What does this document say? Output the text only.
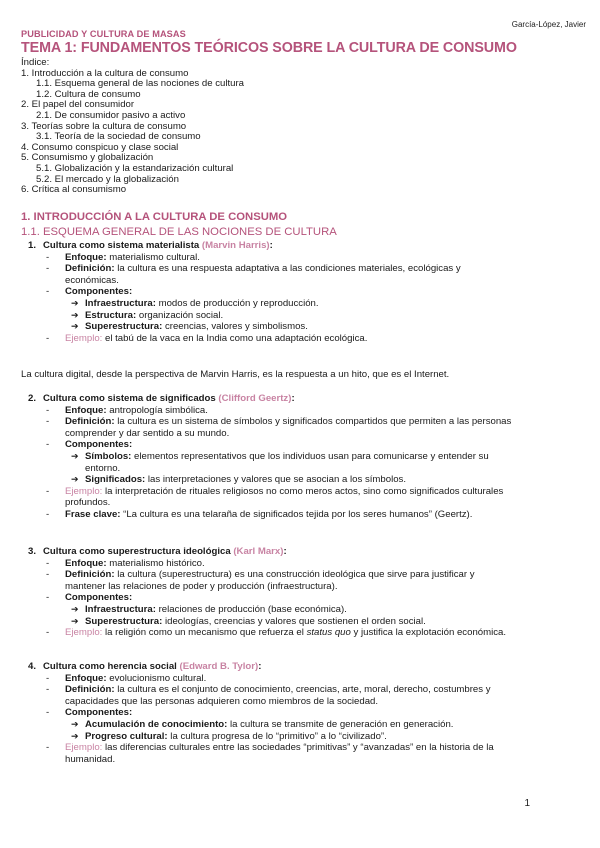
García-López, Javier
PUBLICIDAD Y CULTURA DE MASAS
TEMA 1: FUNDAMENTOS TEÓRICOS SOBRE LA CULTURA DE CONSUMO
Índice:
1. Introducción a la cultura de consumo
1.1. Esquema general de las nociones de cultura
1.2. Cultura de consumo
2. El papel del consumidor
2.1. De consumidor pasivo a activo
3. Teorías sobre la cultura de consumo
3.1. Teoría de la sociedad de consumo
4. Consumo conspicuo y clase social
5. Consumismo y globalización
5.1. Globalización y la estandarización cultural
5.2. El mercado y la globalización
6. Crítica al consumismo
1. INTRODUCCIÓN A LA CULTURA DE CONSUMO
1.1. ESQUEMA GENERAL DE LAS NOCIONES DE CULTURA
1. Cultura como sistema materialista (Marvin Harris):
- Enfoque: materialismo cultural.
- Definición: la cultura es una respuesta adaptativa a las condiciones materiales, ecológicas y
económicas.
- Componentes:
➔ Infraestructura: modos de producción y reproducción.
➔ Estructura: organización social.
➔ Superestructura: creencias, valores y simbolismos.
- Ejemplo: el tabú de la vaca en la India como una adaptación ecológica.
La cultura digital, desde la perspectiva de Marvin Harris, es la respuesta a un hito, que es el Internet.
2. Cultura como sistema de significados (Clifford Geertz):
- Enfoque: antropología simbólica.
- Definición: la cultura es un sistema de símbolos y significados compartidos que permiten a las personas
comprender y dar sentido a su mundo.
- Componentes:
➔ Símbolos: elementos representativos que los individuos usan para comunicarse y entender su
entorno.
➔ Significados: las interpretaciones y valores que se asocian a los símbolos.
- Ejemplo: la interpretación de rituales religiosos no como meros actos, sino como significados culturales
profundos.
- Frase clave: “La cultura es una telaraña de significados tejida por los seres humanos” (Geertz).
3. Cultura como superestructura ideológica (Karl Marx):
- Enfoque: materialismo histórico.
- Definición: la cultura (superestructura) es una construcción ideológica que sirve para justificar y
mantener las relaciones de poder y producción (infraestructura).
- Componentes:
➔ Infraestructura: relaciones de producción (base económica).
➔ Superestructura: ideologías, creencias y valores que sostienen el orden social.
- Ejemplo: la religión como un mecanismo que refuerza el status quo y justifica la explotación económica.
4. Cultura como herencia social (Edward B. Tylor):
- Enfoque: evolucionismo cultural.
- Definición: la cultura es el conjunto de conocimiento, creencias, arte, moral, derecho, costumbres y
capacidades que las personas adquieren como miembros de la sociedad.
- Componentes:
➔ Acumulación de conocimiento: la cultura se transmite de generación en generación.
➔ Progreso cultural: la cultura progresa de lo “primitivo” a lo “civilizado”.
- Ejemplo: las diferencias culturales entre las sociedades “primitivas” y “avanzadas” en la historia de la
humanidad.
1
